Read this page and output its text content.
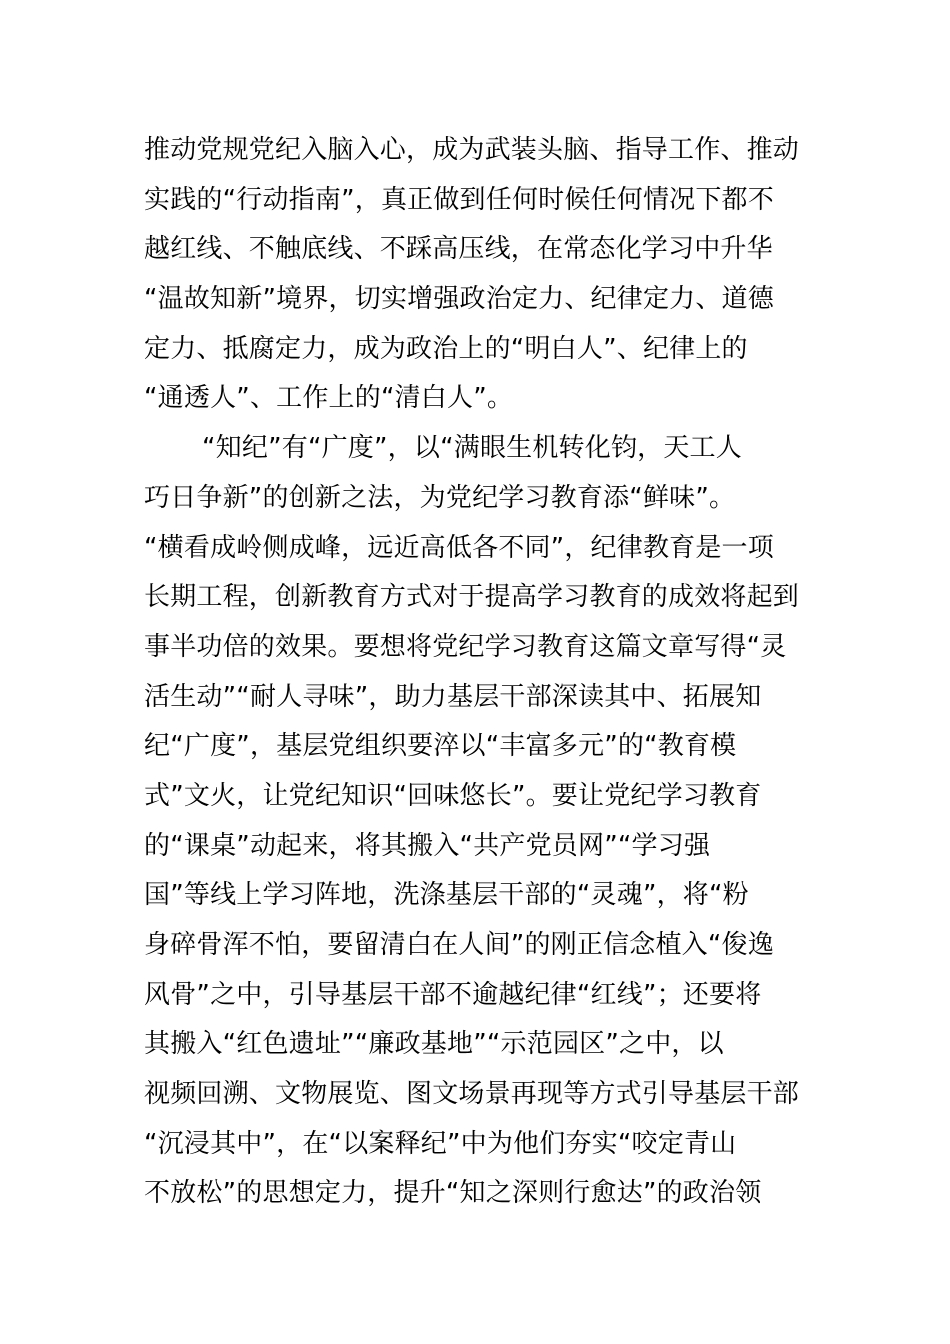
推动党规党纪入脑入心，成为武装头脑、指导工作、推动
实践的“行动指南”，真正做到任何时候任何情况下都不
越红线、不触底线、不踩高压线，在常态化学习中升华
“温故知新”境界，切实增强政治定力、纪律定力、道德
定力、抵腐定力，成为政治上的“明白人”、纪律上的
“通透人”、工作上的“清白人”。
“知纪”有“广度”，以“满眼生机转化钧，天工人
巧日争新”的创新之法，为党纪学习教育添“鲜味”。
“横看成岭侧成峰，远近高低各不同”，纪律教育是一项
长期工程，创新教育方式对于提高学习教育的成效将起到
事半功倍的效果。要想将党纪学习教育这篇文章写得“灵
活生动”“耐人寻味”，助力基层干部深读其中、拓展知
纪“广度”，基层党组织要淬以“丰富多元”的“教育模
式”文火，让党纪知识“回味悠长”。要让党纪学习教育
的“课桌”动起来，将其搬入“共产党员网”“学习强
国”等线上学习阵地，洗涤基层干部的“灵魂”，将“粉
身碎骨浑不怕，要留清白在人间”的刚正信念植入“俊逸
风骨”之中，引导基层干部不逾越纪律“红线”；还要将
其搬入“红色遗址”“廉政基地”“示范园区”之中，以
视频回溯、文物展览、图文场景再现等方式引导基层干部
“沉浸其中”，在“以案释纪”中为他们夯实“咬定青山
不放松”的思想定力，提升“知之深则行愈达”的政治领
